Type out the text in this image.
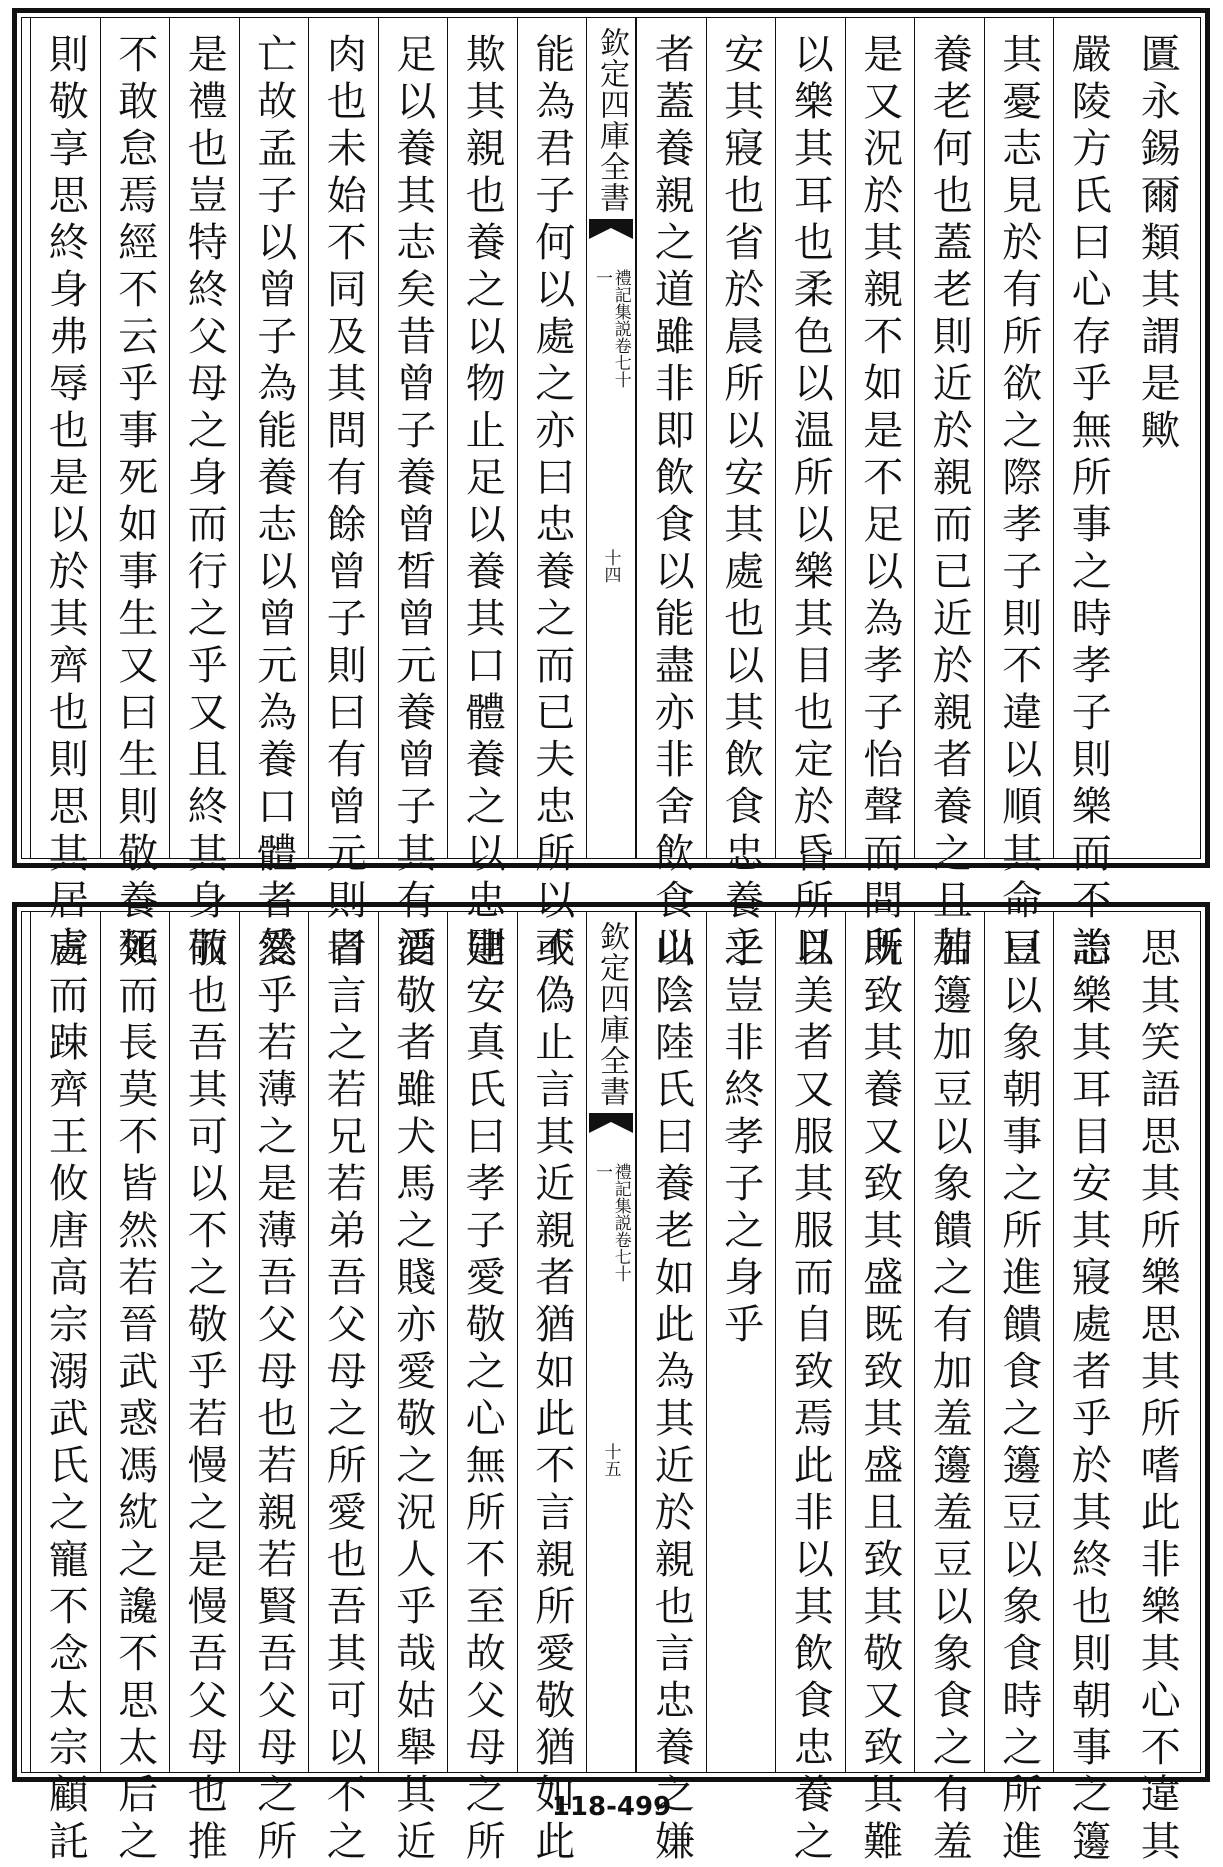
匱永錫爾類其謂是歟
嚴陵方氏曰心存乎無所事之時孝子則樂而不詒
其憂志見於有所欲之際孝子則不違以順其命曰
養老何也蓋老則近於親而已近於親者養之且若
是又況於其親不如是不足以為孝子怡聲而問所
以樂其耳也柔色以温所以樂其目也定於昏所以
安其寢也省於晨所以安其處也以其飲食忠養之
者蓋養親之道雖非即飲食以能盡亦非舍飲食以
欽定四庫全書
禮記集説卷七十一
十四
能為君子何以處之亦曰忠養之而已夫忠所以不
欺其親也養之以物止足以養其口體養之以忠則
足以養其志矣昔曾子養曾晳曾元養曾子其有酒
肉也未始不同及其問有餘曾子則曰有曾元則曰
亡故孟子以曾子為能養志以曾元為養口體者然
是禮也豈特終父母之身而行之乎又且終其身而
不敢怠焉經不云乎事死如事生又曰生則敬養死
則敬享思終身弗辱也是以於其齊也則思其居處
思其笑語思其所樂思其所嗜此非樂其心不違其
志樂其耳目安其寢處者乎於其終也則朝事之籩
豆以象朝事之所進饋食之籩豆以象食時之所進
加籩加豆以象饋之有加羞籩羞豆以象食之有羞
既致其養又致其盛既致其盛且致其敬又致其難
且美者又服其服而自致焉此非以其飲食忠養之
乎豈非終孝子之身乎
山陰陸氏曰養老如此為其近於親也言忠養之嫌
欽定四庫全書
禮記集説卷七十一
十五
或偽止言其近親者猶如此不言親所愛敬猶如此
建安真氏曰孝子愛敬之心無所不至故父母之所
愛敬者雖犬馬之賤亦愛敬之況人乎哉姑舉其近
者言之若兄若弟吾父母之所愛也吾其可以不之
愛乎若薄之是薄吾父母也若親若賢吾父母之所
敬也吾其可以不之敬乎若慢之是慢吾父母也推
類而長莫不皆然若晉武惑馮紞之讒不思太后之
言而踈齊王攸唐高宗溺武氏之寵不念太宗顧託	118-499
